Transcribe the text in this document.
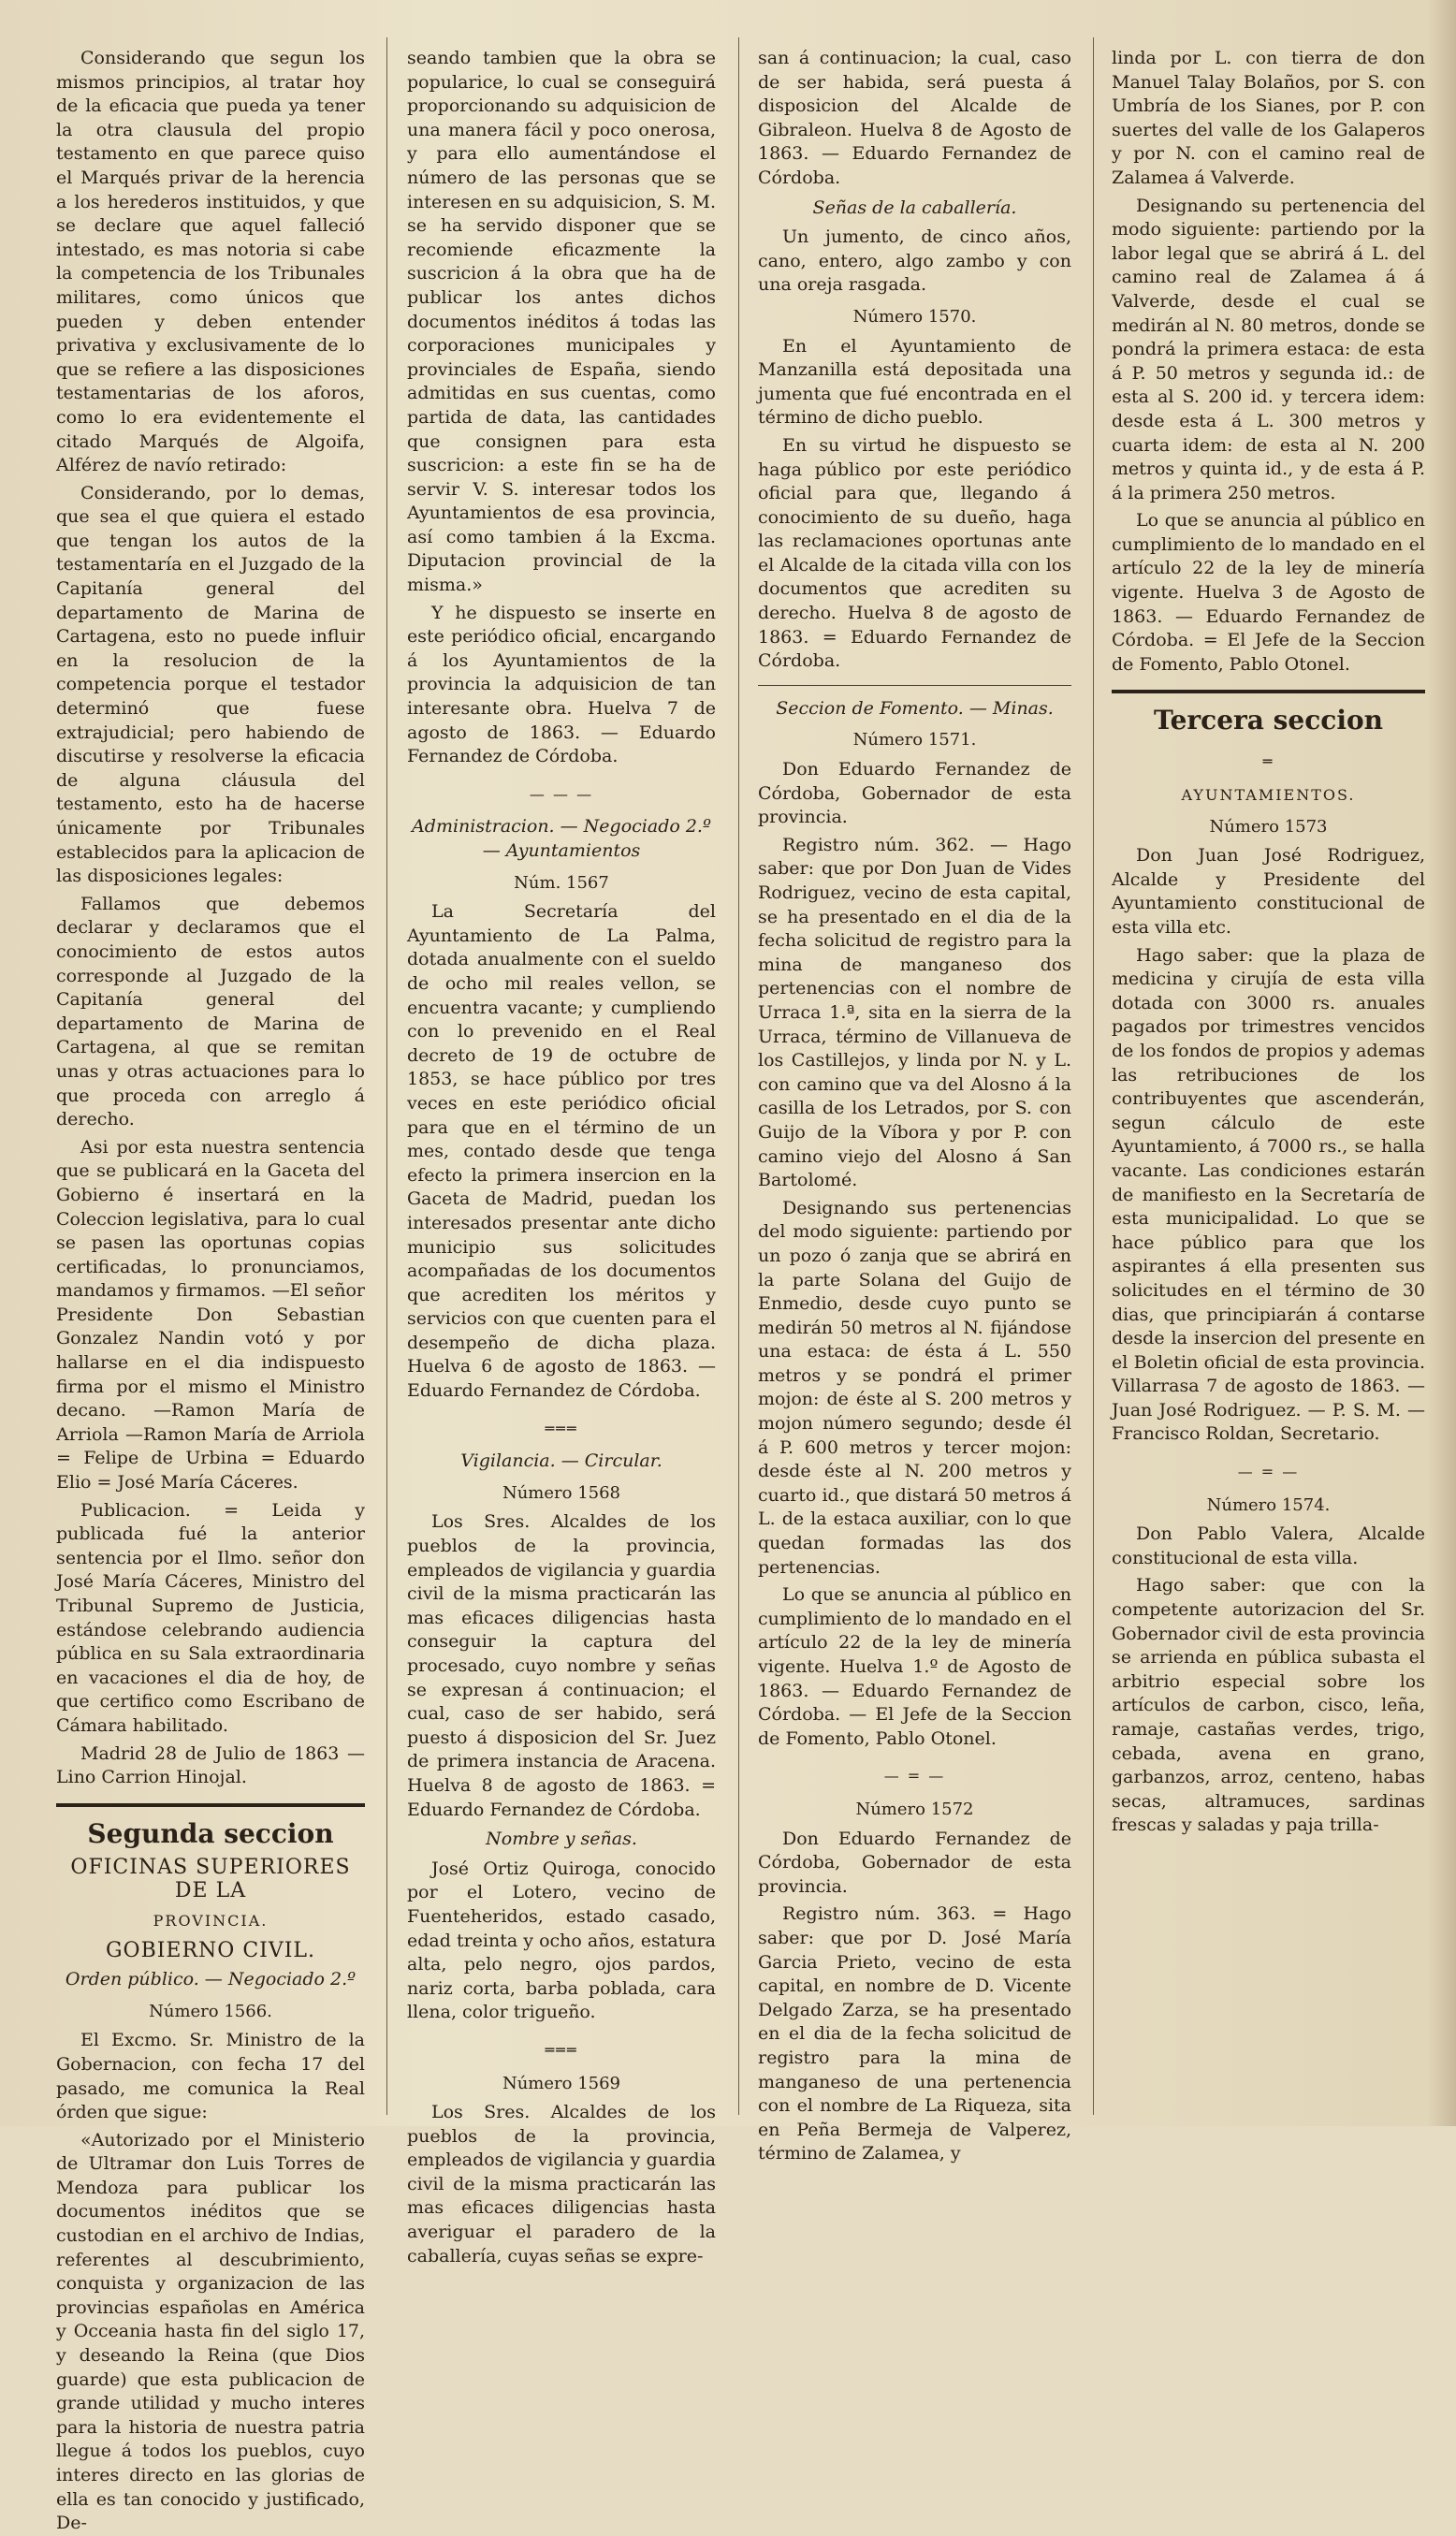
Considerando que segun los mismos principios, al tratar hoy de la eficacia que pueda ya tener la otra clausula del propio testamento en que parece quiso el Marqués privar de la herencia a los herederos instituidos, y que se declare que aquel falleció intestado, es mas notoria si cabe la competencia de los Tribunales militares, como únicos que pueden y deben entender privativa y exclusivamente de lo que se refiere a las disposiciones testamentarias de los aforos, como lo era evidentemente el citado Marqués de Algoifa, Alférez de navío retirado:

Considerando, por lo demas, que sea el que quiera el estado que tengan los autos de la testamentaría en el Juzgado de la Capitanía general del departamento de Marina de Cartagena, esto no puede influir en la resolucion de la competencia porque el testador determinó que fuese extrajudicial; pero habiendo de discutirse y resolverse la eficacia de alguna cláusula del testamento, esto ha de hacerse únicamente por Tribunales establecidos para la aplicacion de las disposiciones legales:

Fallamos que debemos declarar y declaramos que el conocimiento de estos autos corresponde al Juzgado de la Capitanía general del departamento de Marina de Cartagena, al que se remitan unas y otras actuaciones para lo que proceda con arreglo á derecho.

Asi por esta nuestra sentencia que se publicará en la Gaceta del Gobierno é insertará en la Coleccion legislativa, para lo cual se pasen las oportunas copias certificadas, lo pronunciamos, mandamos y firmamos. —El señor Presidente Don Sebastian Gonzalez Nandin votó y por hallarse en el dia indispuesto firma por el mismo el Ministro decano. —Ramon María de Arriola —Ramon María de Arriola = Felipe de Urbina = Eduardo Elio = José María Cáceres.

Publicacion. = Leida y publicada fué la anterior sentencia por el Ilmo. señor don José María Cáceres, Ministro del Tribunal Supremo de Justicia, estándose celebrando audiencia pública en su Sala extraordinaria en vacaciones el dia de hoy, de que certifico como Escribano de Cámara habilitado.

Madrid 28 de Julio de 1863 — Lino Carrion Hinojal.

Segunda seccion

OFICINAS SUPERIORES DE LA

PROVINCIA.

GOBIERNO CIVIL.

Orden público. — Negociado 2.º

Número 1566.

El Excmo. Sr. Ministro de la Gobernacion, con fecha 17 del pasado, me comunica la Real órden que sigue:

«Autorizado por el Ministerio de Ultramar don Luis Torres de Mendoza para publicar los documentos inéditos que se custodian en el archivo de Indias, referentes al descubrimiento, conquista y organizacion de las provincias españolas en América y Occeania hasta fin del siglo 17, y deseando la Reina (que Dios guarde) que esta publicacion de grande utilidad y mucho interes para la historia de nuestra patria llegue á todos los pueblos, cuyo interes directo en las glorias de ella es tan conocido y justificado, De-

seando tambien que la obra se popularice, lo cual se conseguirá proporcionando su adquisicion de una manera fácil y poco onerosa, y para ello aumentándose el número de las personas que se interesen en su adquisicion, S. M. se ha servido disponer que se recomiende eficazmente la suscricion á la obra que ha de publicar los antes dichos documentos inéditos á todas las corporaciones municipales y provinciales de España, siendo admitidas en sus cuentas, como partida de data, las cantidades que consignen para esta suscricion: a este fin se ha de servir V. S. interesar todos los Ayuntamientos de esa provincia, así como tambien á la Excma. Diputacion provincial de la misma.»

Y he dispuesto se inserte en este periódico oficial, encargando á los Ayuntamientos de la provincia la adquisicion de tan interesante obra. Huelva 7 de agosto de 1863. — Eduardo Fernandez de Córdoba.

— — —

Administracion. — Negociado 2.º — Ayuntamientos

Núm. 1567

La Secretaría del Ayuntamiento de La Palma, dotada anualmente con el sueldo de ocho mil reales vellon, se encuentra vacante; y cumpliendo con lo prevenido en el Real decreto de 19 de octubre de 1853, se hace público por tres veces en este periódico oficial para que en el término de un mes, contado desde que tenga efecto la primera insercion en la Gaceta de Madrid, puedan los interesados presentar ante dicho municipio sus solicitudes acompañadas de los documentos que acrediten los méritos y servicios con que cuenten para el desempeño de dicha plaza. Huelva 6 de agosto de 1863. — Eduardo Fernandez de Córdoba.

═══

Vigilancia. — Circular.

Número 1568

Los Sres. Alcaldes de los pueblos de la provincia, empleados de vigilancia y guardia civil de la misma practicarán las mas eficaces diligencias hasta conseguir la captura del procesado, cuyo nombre y señas se expresan á continuacion; el cual, caso de ser habido, será puesto á disposicion del Sr. Juez de primera instancia de Aracena. Huelva 8 de agosto de 1863. = Eduardo Fernandez de Córdoba.

Nombre y señas.

José Ortiz Quiroga, conocido por el Lotero, vecino de Fuenteheridos, estado casado, edad treinta y ocho años, estatura alta, pelo negro, ojos pardos, nariz corta, barba poblada, cara llena, color trigueño.

═══

Número 1569

Los Sres. Alcaldes de los pueblos de la provincia, empleados de vigilancia y guardia civil de la misma practicarán las mas eficaces diligencias hasta averiguar el paradero de la caballería, cuyas señas se expre-

san á continuacion; la cual, caso de ser habida, será puesta á disposicion del Alcalde de Gibraleon. Huelva 8 de Agosto de 1863. — Eduardo Fernandez de Córdoba.

Señas de la caballería.

Un jumento, de cinco años, cano, entero, algo zambo y con una oreja rasgada.

Número 1570.

En el Ayuntamiento de Manzanilla está depositada una jumenta que fué encontrada en el término de dicho pueblo.

En su virtud he dispuesto se haga público por este periódico oficial para que, llegando á conocimiento de su dueño, haga las reclamaciones oportunas ante el Alcalde de la citada villa con los documentos que acrediten su derecho. Huelva 8 de agosto de 1863. = Eduardo Fernandez de Córdoba.

Seccion de Fomento. — Minas.

Número 1571.

Don Eduardo Fernandez de Córdoba, Gobernador de esta provincia.

Registro núm. 362. — Hago saber: que por Don Juan de Vides Rodriguez, vecino de esta capital, se ha presentado en el dia de la fecha solicitud de registro para la mina de manganeso dos pertenencias con el nombre de Urraca 1.ª, sita en la sierra de la Urraca, término de Villanueva de los Castillejos, y linda por N. y L. con camino que va del Alosno á la casilla de los Letrados, por S. con Guijo de la Víbora y por P. con camino viejo del Alosno á San Bartolomé.

Designando sus pertenencias del modo siguiente: partiendo por un pozo ó zanja que se abrirá en la parte Solana del Guijo de Enmedio, desde cuyo punto se medirán 50 metros al N. fijándose una estaca: de ésta á L. 550 metros y se pondrá el primer mojon: de éste al S. 200 metros y mojon número segundo; desde él á P. 600 metros y tercer mojon: desde éste al N. 200 metros y cuarto id., que distará 50 metros á L. de la estaca auxiliar, con lo que quedan formadas las dos pertenencias.

Lo que se anuncia al público en cumplimiento de lo mandado en el artículo 22 de la ley de minería vigente. Huelva 1.º de Agosto de 1863. — Eduardo Fernandez de Córdoba. — El Jefe de la Seccion de Fomento, Pablo Otonel.

— = —

Número 1572

Don Eduardo Fernandez de Córdoba, Gobernador de esta provincia.

Registro núm. 363. = Hago saber: que por D. José María Garcia Prieto, vecino de esta capital, en nombre de D. Vicente Delgado Zarza, se ha presentado en el dia de la fecha solicitud de registro para la mina de manganeso de una pertenencia con el nombre de La Riqueza, sita en Peña Bermeja de Valperez, término de Zalamea, y

linda por L. con tierra de don Manuel Talay Bolaños, por S. con Umbría de los Sianes, por P. con suertes del valle de los Galaperos y por N. con el camino real de Zalamea á Valverde.

Designando su pertenencia del modo siguiente: partiendo por la labor legal que se abrirá á L. del camino real de Zalamea á á Valverde, desde el cual se medirán al N. 80 metros, donde se pondrá la primera estaca: de esta á P. 50 metros y segunda id.: de esta al S. 200 id. y tercera idem: desde esta á L. 300 metros y cuarta idem: de esta al N. 200 metros y quinta id., y de esta á P. á la primera 250 metros.

Lo que se anuncia al público en cumplimiento de lo mandado en el artículo 22 de la ley de minería vigente. Huelva 3 de Agosto de 1863. — Eduardo Fernandez de Córdoba. = El Jefe de la Seccion de Fomento, Pablo Otonel.

Tercera seccion

═

AYUNTAMIENTOS.

Número 1573

Don Juan José Rodriguez, Alcalde y Presidente del Ayuntamiento constitucional de esta villa etc.

Hago saber: que la plaza de medicina y cirujía de esta villa dotada con 3000 rs. anuales pagados por trimestres vencidos de los fondos de propios y ademas las retribuciones de los contribuyentes que ascenderán, segun cálculo de este Ayuntamiento, á 7000 rs., se halla vacante. Las condiciones estarán de manifiesto en la Secretaría de esta municipalidad. Lo que se hace público para que los aspirantes á ella presenten sus solicitudes en el término de 30 dias, que principiarán á contarse desde la insercion del presente en el Boletin oficial de esta provincia. Villarrasa 7 de agosto de 1863. — Juan José Rodriguez. — P. S. M. — Francisco Roldan, Secretario.

— = —

Número 1574.

Don Pablo Valera, Alcalde constitucional de esta villa.

Hago saber: que con la competente autorizacion del Sr. Gobernador civil de esta provincia se arrienda en pública subasta el arbitrio especial sobre los artículos de carbon, cisco, leña, ramaje, castañas verdes, trigo, cebada, avena en grano, garbanzos, arroz, centeno, habas secas, altramuces, sardinas frescas y saladas y paja trilla-
